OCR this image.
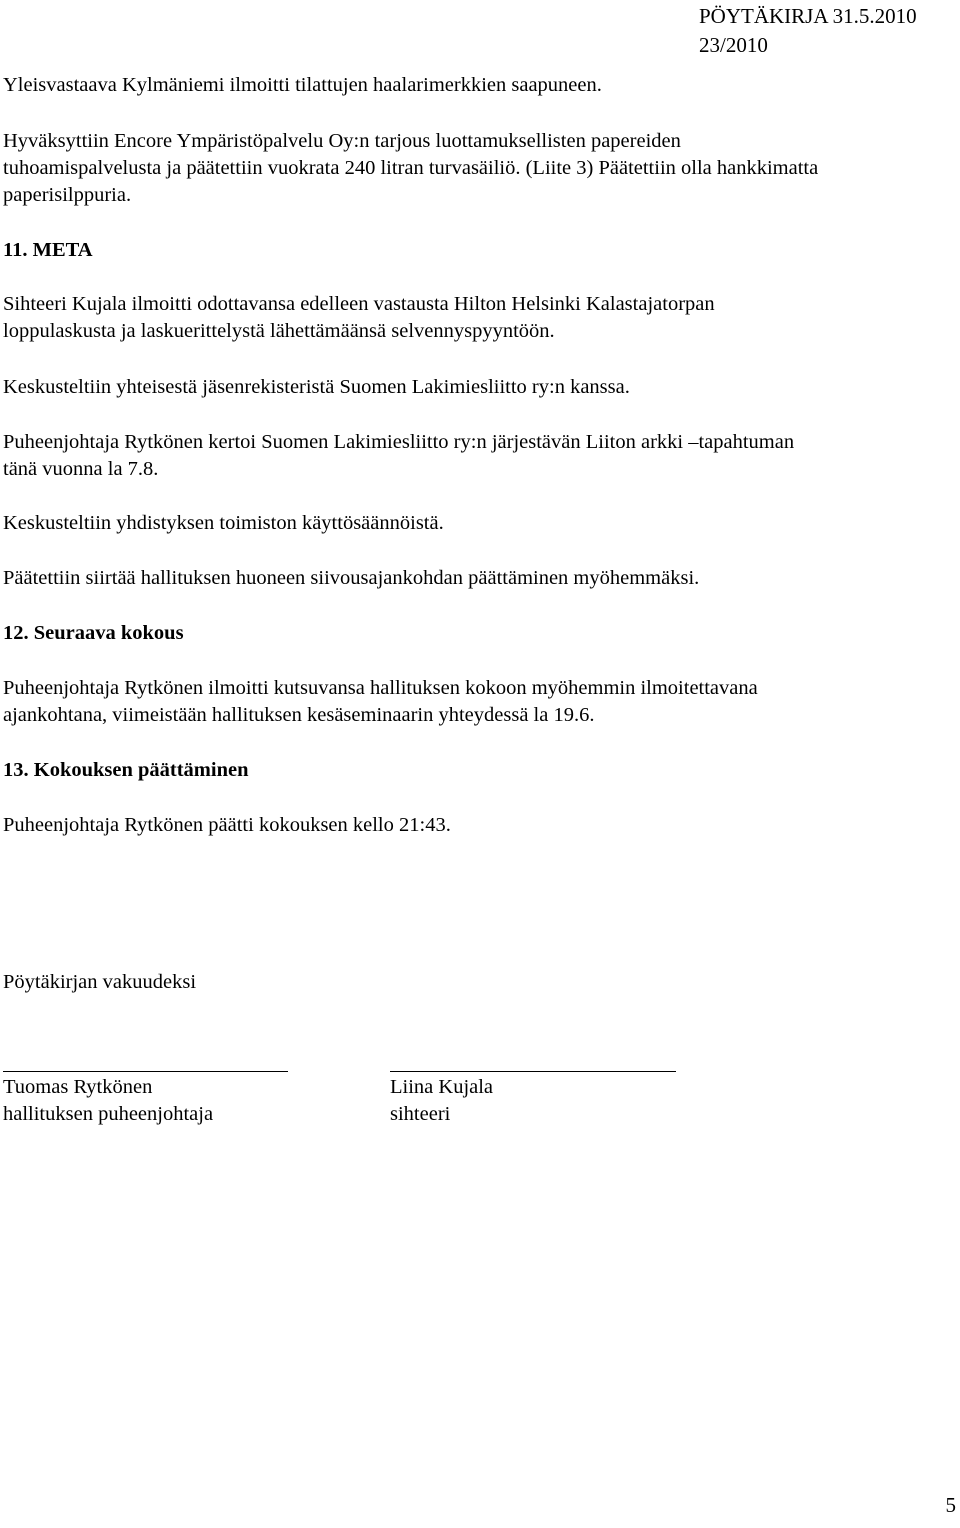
PÖYTÄKIRJA 31.5.2010
23/2010
Yleisvastaava Kylmäniemi ilmoitti tilattujen haalarimerkkien saapuneen.
Hyväksyttiin Encore Ympäristöpalvelu Oy:n tarjous luottamuksellisten papereiden
tuhoamispalvelusta ja päätettiin vuokrata 240 litran turvasäiliö. (Liite 3) Päätettiin olla hankkimatta
paperisilppuria.
11. META
Sihteeri Kujala ilmoitti odottavansa edelleen vastausta Hilton Helsinki Kalastajatorpan
loppulaskusta ja laskuerittelystä lähettämäänsä selvennyspyyntöön.
Keskusteltiin yhteisestä jäsenrekisteristä Suomen Lakimiesliitto ry:n kanssa.
Puheenjohtaja Rytkönen kertoi Suomen Lakimiesliitto ry:n järjestävän Liiton arkki –tapahtuman
tänä vuonna la 7.8.
Keskusteltiin yhdistyksen toimiston käyttösäännöistä.
Päätettiin siirtää hallituksen huoneen siivousajankohdan päättäminen myöhemmäksi.
12. Seuraava kokous
Puheenjohtaja Rytkönen ilmoitti kutsuvansa hallituksen kokoon myöhemmin ilmoitettavana
ajankohtana, viimeistään hallituksen kesäseminaarin yhteydessä la 19.6.
13. Kokouksen päättäminen
Puheenjohtaja Rytkönen päätti kokouksen kello 21:43.
Pöytäkirjan vakuudeksi
Tuomas Rytkönen
hallituksen puheenjohtaja
Liina Kujala
sihteeri
5
